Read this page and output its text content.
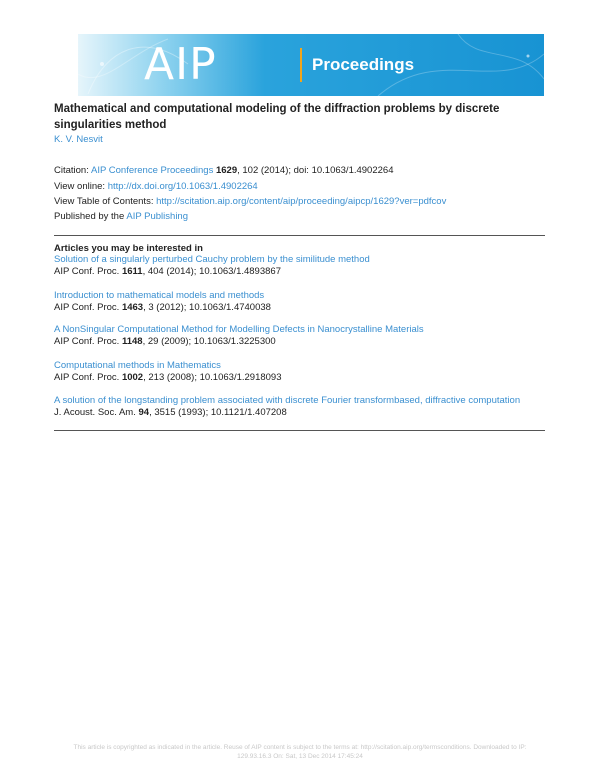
AIP	Proceedings
Mathematical and computational modeling of the diffraction problems by discrete singularities method
K. V. Nesvit
Citation: AIP Conference Proceedings 1629, 102 (2014); doi: 10.1063/1.4902264
View online: http://dx.doi.org/10.1063/1.4902264
View Table of Contents: http://scitation.aip.org/content/aip/proceeding/aipcp/1629?ver=pdfcov
Published by the AIP Publishing
Articles you may be interested in
Solution of a singularly perturbed Cauchy problem by the similitude method
AIP Conf. Proc. 1611, 404 (2014); 10.1063/1.4893867
Introduction to mathematical models and methods
AIP Conf. Proc. 1463, 3 (2012); 10.1063/1.4740038
A NonSingular Computational Method for Modelling Defects in Nanocrystalline Materials
AIP Conf. Proc. 1148, 29 (2009); 10.1063/1.3225300
Computational methods in Mathematics
AIP Conf. Proc. 1002, 213 (2008); 10.1063/1.2918093
A solution of the longstanding problem associated with discrete Fourier transformbased, diffractive computation
J. Acoust. Soc. Am. 94, 3515 (1993); 10.1121/1.407208
This article is copyrighted as indicated in the article. Reuse of AIP content is subject to the terms at: http://scitation.aip.org/termsconditions. Downloaded to IP:
129.93.16.3 On: Sat, 13 Dec 2014 17:45:24
